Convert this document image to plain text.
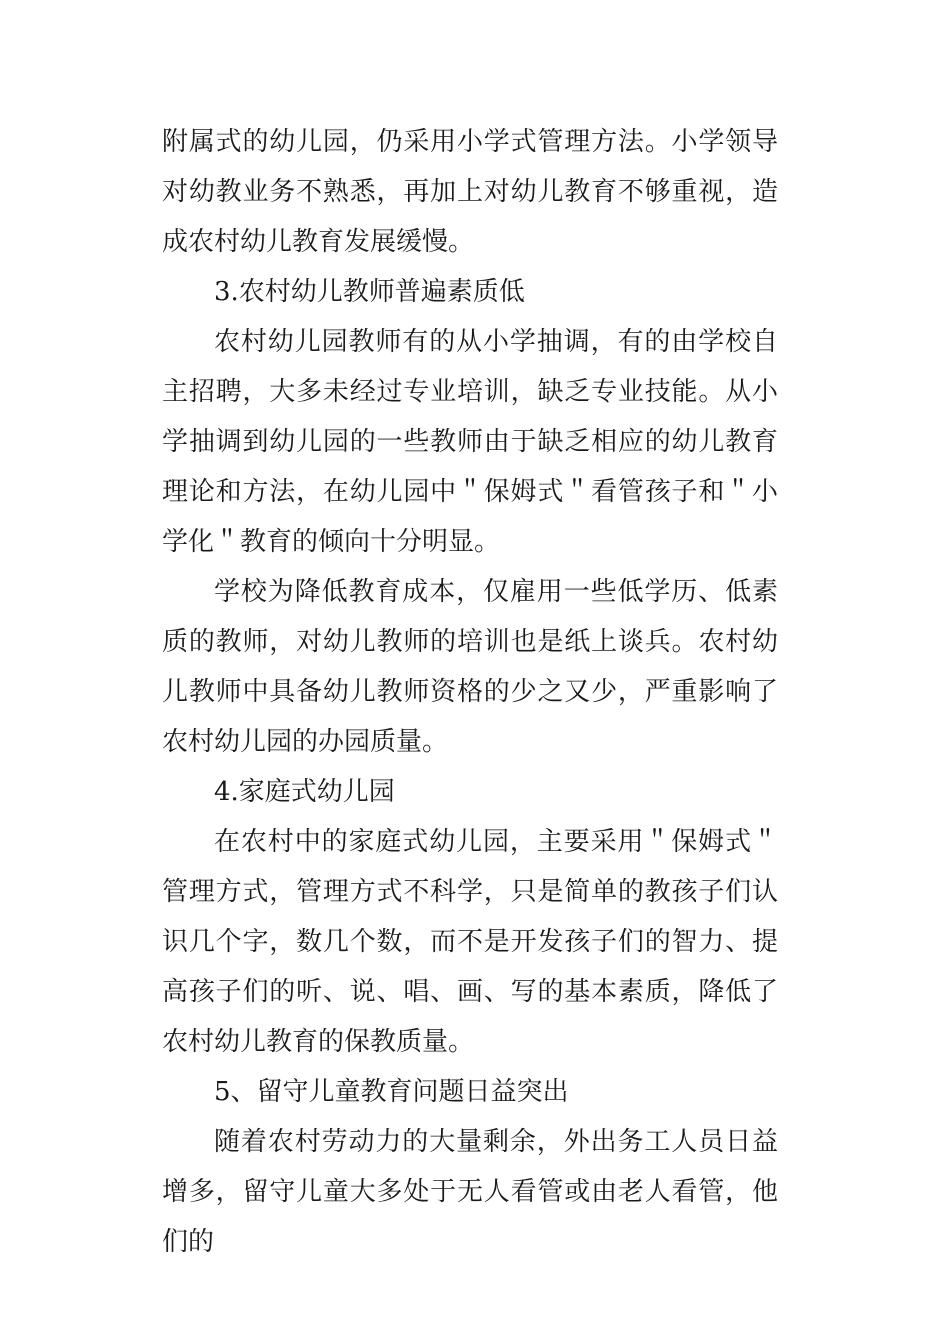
附属式的幼儿园，仍采用小学式管理方法。小学领导对幼教业务不熟悉，再加上对幼儿教育不够重视，造成农村幼儿教育发展缓慢。

3.农村幼儿教师普遍素质低

农村幼儿园教师有的从小学抽调，有的由学校自主招聘，大多未经过专业培训，缺乏专业技能。从小学抽调到幼儿园的一些教师由于缺乏相应的幼儿教育理论和方法，在幼儿园中＂保姆式＂看管孩子和＂小学化＂教育的倾向十分明显。

学校为降低教育成本，仅雇用一些低学历、低素质的教师，对幼儿教师的培训也是纸上谈兵。农村幼儿教师中具备幼儿教师资格的少之又少，严重影响了农村幼儿园的办园质量。

4.家庭式幼儿园

在农村中的家庭式幼儿园，主要采用＂保姆式＂管理方式，管理方式不科学，只是简单的教孩子们认识几个字，数几个数，而不是开发孩子们的智力、提高孩子们的听、说、唱、画、写的基本素质，降低了农村幼儿教育的保教质量。

5、留守儿童教育问题日益突出

随着农村劳动力的大量剩余，外出务工人员日益增多，留守儿童大多处于无人看管或由老人看管，他们的
